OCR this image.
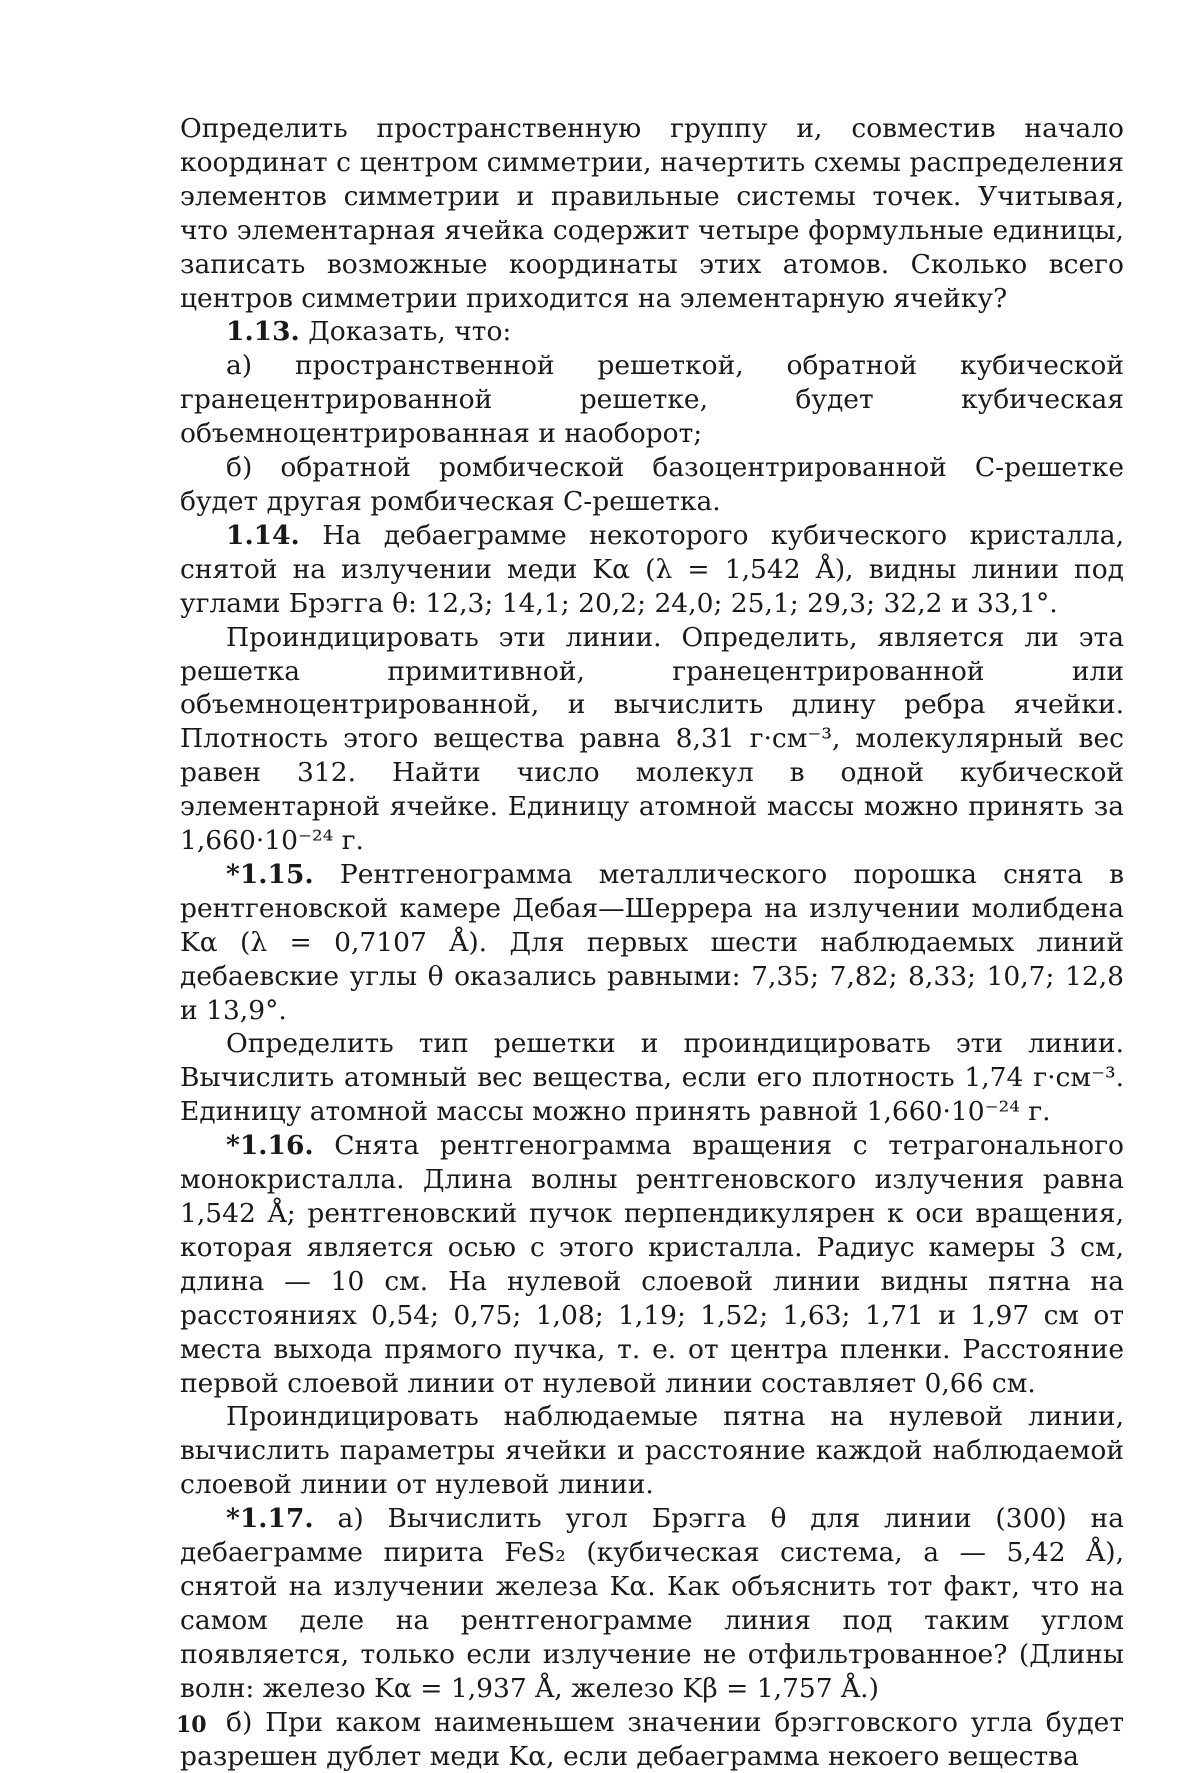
Определить пространственную группу и, совместив начало координат с центром симметрии, начертить схемы распределения элементов симметрии и правильные системы точек. Учитывая, что элементарная ячейка содержит четыре формульные единицы, записать возможные координаты этих атомов. Сколько всего центров симметрии приходится на элементарную ячейку?

1.13. Доказать, что:

а) пространственной решеткой, обратной кубической гранецентрированной решетке, будет кубическая объемноцентрированная и наоборот;

б) обратной ромбической базоцентрированной C-решетке будет другая ромбическая C-решетка.

1.14. На дебаеграмме некоторого кубического кристалла, снятой на излучении меди Kα (λ = 1,542 Å), видны линии под углами Брэгга θ: 12,3; 14,1; 20,2; 24,0; 25,1; 29,3; 32,2 и 33,1°.

Проиндицировать эти линии. Определить, является ли эта решетка примитивной, гранецентрированной или объемноцентрированной, и вычислить длину ребра ячейки. Плотность этого вещества равна 8,31 г·см⁻³, молекулярный вес равен 312. Найти число молекул в одной кубической элементарной ячейке. Единицу атомной массы можно принять за 1,660·10⁻²⁴ г.

*1.15. Рентгенограмма металлического порошка снята в рентгеновской камере Дебая—Шеррера на излучении молибдена Kα (λ = 0,7107 Å). Для первых шести наблюдаемых линий дебаевские углы θ оказались равными: 7,35; 7,82; 8,33; 10,7; 12,8 и 13,9°.

Определить тип решетки и проиндицировать эти линии. Вычислить атомный вес вещества, если его плотность 1,74 г·см⁻³. Единицу атомной массы можно принять равной 1,660·10⁻²⁴ г.

*1.16. Снята рентгенограмма вращения с тетрагонального монокристалла. Длина волны рентгеновского излучения равна 1,542 Å; рентгеновский пучок перпендикулярен к оси вращения, которая является осью c этого кристалла. Радиус камеры 3 см, длина — 10 см. На нулевой слоевой линии видны пятна на расстояниях 0,54; 0,75; 1,08; 1,19; 1,52; 1,63; 1,71 и 1,97 см от места выхода прямого пучка, т. е. от центра пленки. Расстояние первой слоевой линии от нулевой линии составляет 0,66 см.

Проиндицировать наблюдаемые пятна на нулевой линии, вычислить параметры ячейки и расстояние каждой наблюдаемой слоевой линии от нулевой линии.

*1.17. а) Вычислить угол Брэгга θ для линии (300) на дебаеграмме пирита FeS₂ (кубическая система, a — 5,42 Å), снятой на излучении железа Kα. Как объяснить тот факт, что на самом деле на рентгенограмме линия под таким углом появляется, только если излучение не отфильтрованное? (Длины волн: железо Kα = 1,937 Å, железо Kβ = 1,757 Å.)

б) При каком наименьшем значении брэгговского угла будет разрешен дублет меди Kα, если дебаеграмма некоего вещества

10
